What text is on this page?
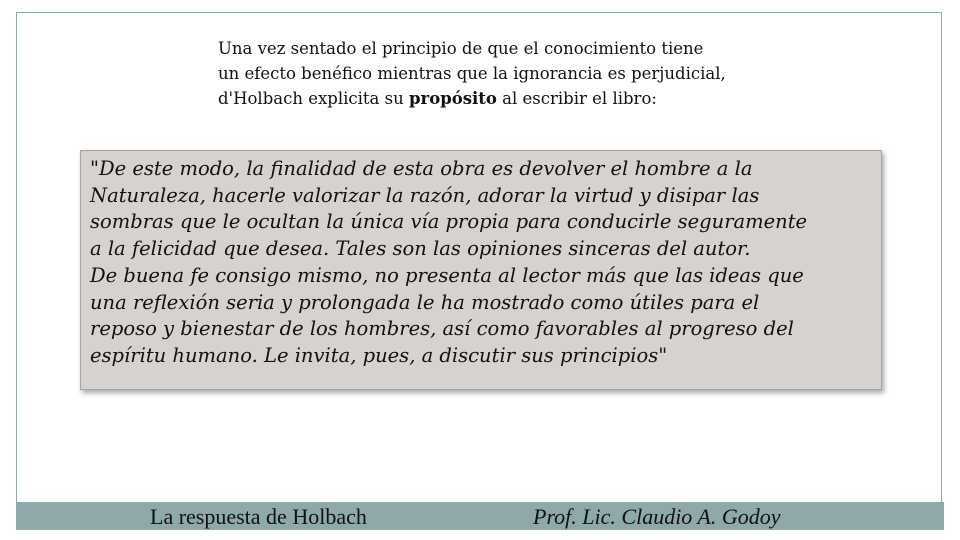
Una vez sentado el principio de que el conocimiento tiene
un efecto benéfico mientras que la ignorancia es perjudicial,
d'Holbach explicita su propósito al escribir el libro:
"De este modo, la finalidad de esta obra es devolver el hombre a la
Naturaleza, hacerle valorizar la razón, adorar la virtud y disipar las
sombras que le ocultan la única vía propia para conducirle seguramente
a la felicidad que desea. Tales son las opiniones sinceras del autor.
De buena fe consigo mismo, no presenta al lector más que las ideas que
una reflexión seria y prolongada le ha mostrado como útiles para el
reposo y bienestar de los hombres, así como favorables al progreso del
espíritu humano. Le invita, pues, a discutir sus principios"
La respuesta de Holbach	Prof. Lic. Claudio A. Godoy
